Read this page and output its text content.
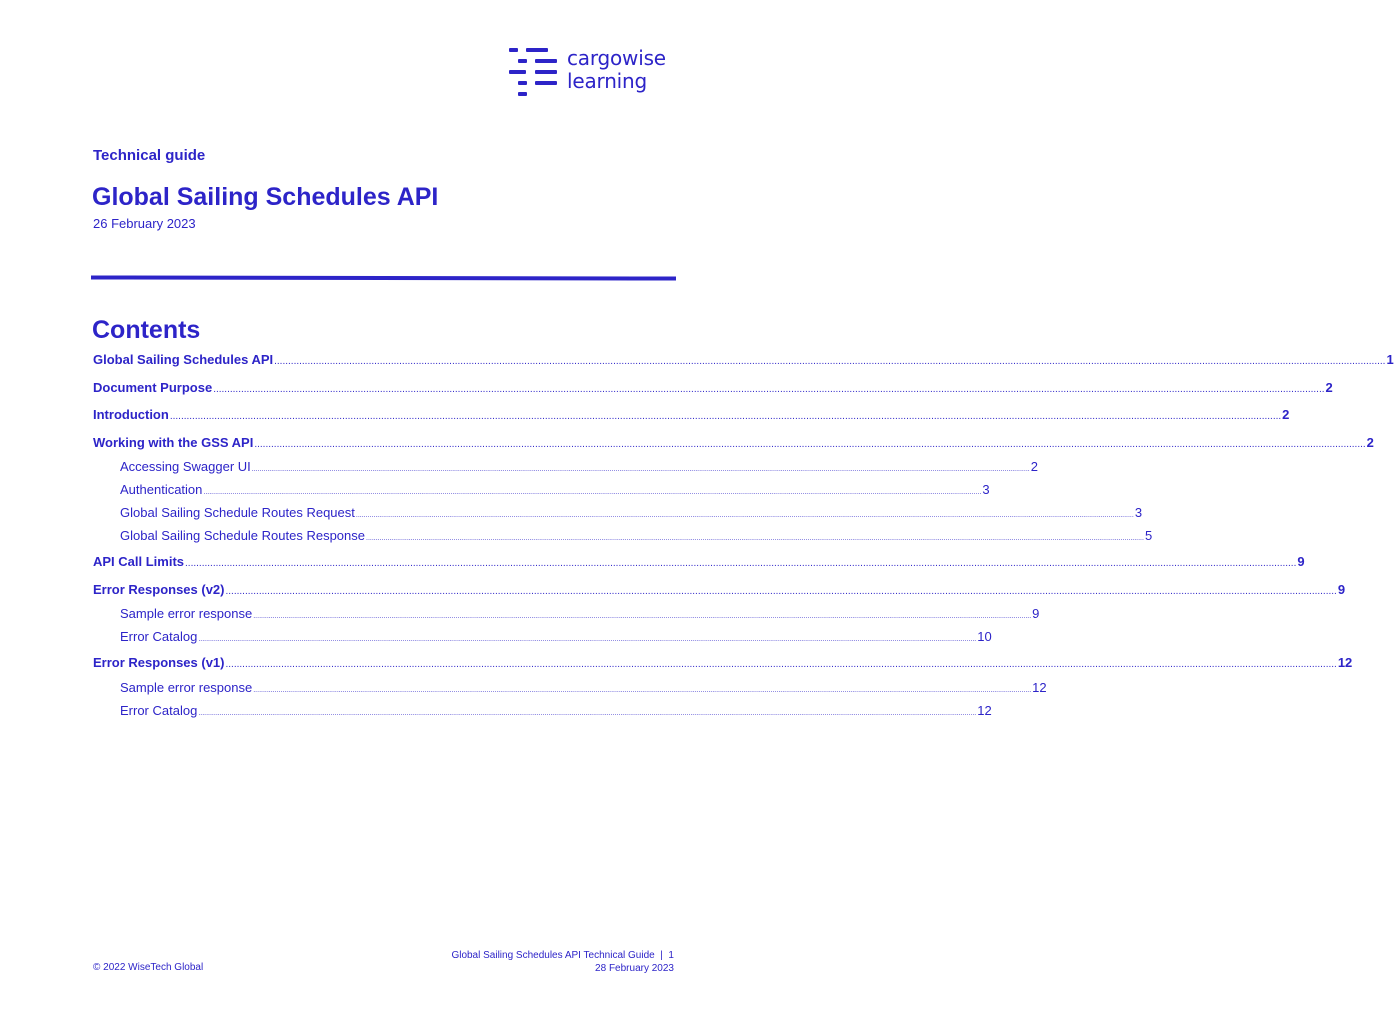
cargowise
learning
Technical guide
Global Sailing Schedules API
26 February 2023
Contents
Global Sailing Schedules API ................................................................................................................................................................................................................................................................................................................................................................................................................ 1
Document Purpose ................................................................................................................................................................................................................................................................................................................................................................................................................ 2
Introduction ................................................................................................................................................................................................................................................................................................................................................................................................................ 2
Working with the GSS API ................................................................................................................................................................................................................................................................................................................................................................................................................ 2
Accessing Swagger UI ................................................................................................................................................................................................................................................................................................................................................................................................................ 2
Authentication ................................................................................................................................................................................................................................................................................................................................................................................................................ 3
Global Sailing Schedule Routes Request ................................................................................................................................................................................................................................................................................................................................................................................................................ 3
Global Sailing Schedule Routes Response ................................................................................................................................................................................................................................................................................................................................................................................................................ 5
API Call Limits ................................................................................................................................................................................................................................................................................................................................................................................................................ 9
Error Responses (v2) ................................................................................................................................................................................................................................................................................................................................................................................................................ 9
Sample error response ................................................................................................................................................................................................................................................................................................................................................................................................................ 9
Error Catalog ................................................................................................................................................................................................................................................................................................................................................................................................................ 10
Error Responses (v1) ................................................................................................................................................................................................................................................................................................................................................................................................................ 12
Sample error response ................................................................................................................................................................................................................................................................................................................................................................................................................ 12
Error Catalog ................................................................................................................................................................................................................................................................................................................................................................................................................ 12
© 2022 WiseTech Global
Global Sailing Schedules API Technical Guide  |  1
28 February 2023
